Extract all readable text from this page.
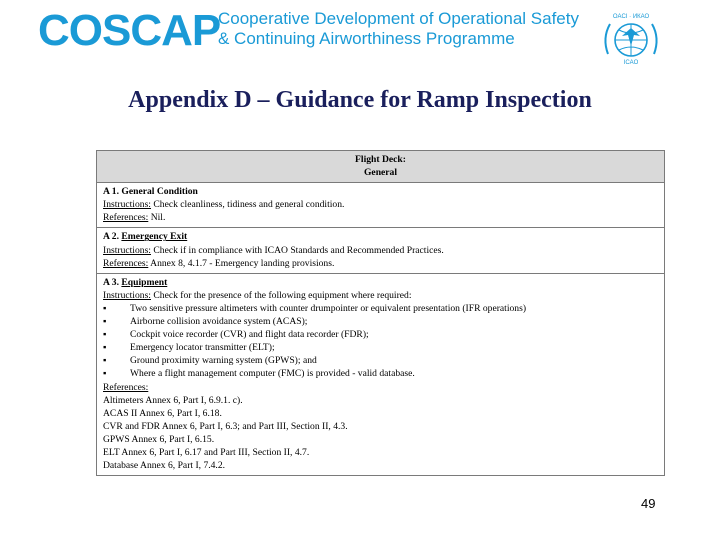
COSCAP
Cooperative Development of Operational Safety
& Continuing Airworthiness Programme
OACI · ИКАО
ICAO
Appendix D – Guidance for Ramp Inspection
Flight Deck:
General
A 1. General Condition
Instructions: Check cleanliness, tidiness and general condition.
References: Nil.
A 2. Emergency Exit
Instructions: Check if in compliance with ICAO Standards and Recommended Practices.
References: Annex 8, 4.1.7 - Emergency landing provisions.
A 3. Equipment
Instructions: Check for the presence of the following equipment where required:
▪ Two sensitive pressure altimeters with counter drumpointer or equivalent presentation (IFR operations)
▪ Airborne collision avoidance system (ACAS);
▪ Cockpit voice recorder (CVR) and flight data recorder (FDR);
▪ Emergency locator transmitter (ELT);
▪ Ground proximity warning system (GPWS); and
▪ Where a flight management computer (FMC) is provided - valid database.
References:
Altimeters Annex 6, Part I, 6.9.1. c).
ACAS II Annex 6, Part I, 6.18.
CVR and FDR Annex 6, Part I, 6.3; and Part III, Section II, 4.3.
GPWS Annex 6, Part I, 6.15.
ELT Annex 6, Part I, 6.17 and Part III, Section II, 4.7.
Database Annex 6, Part I, 7.4.2.
49
